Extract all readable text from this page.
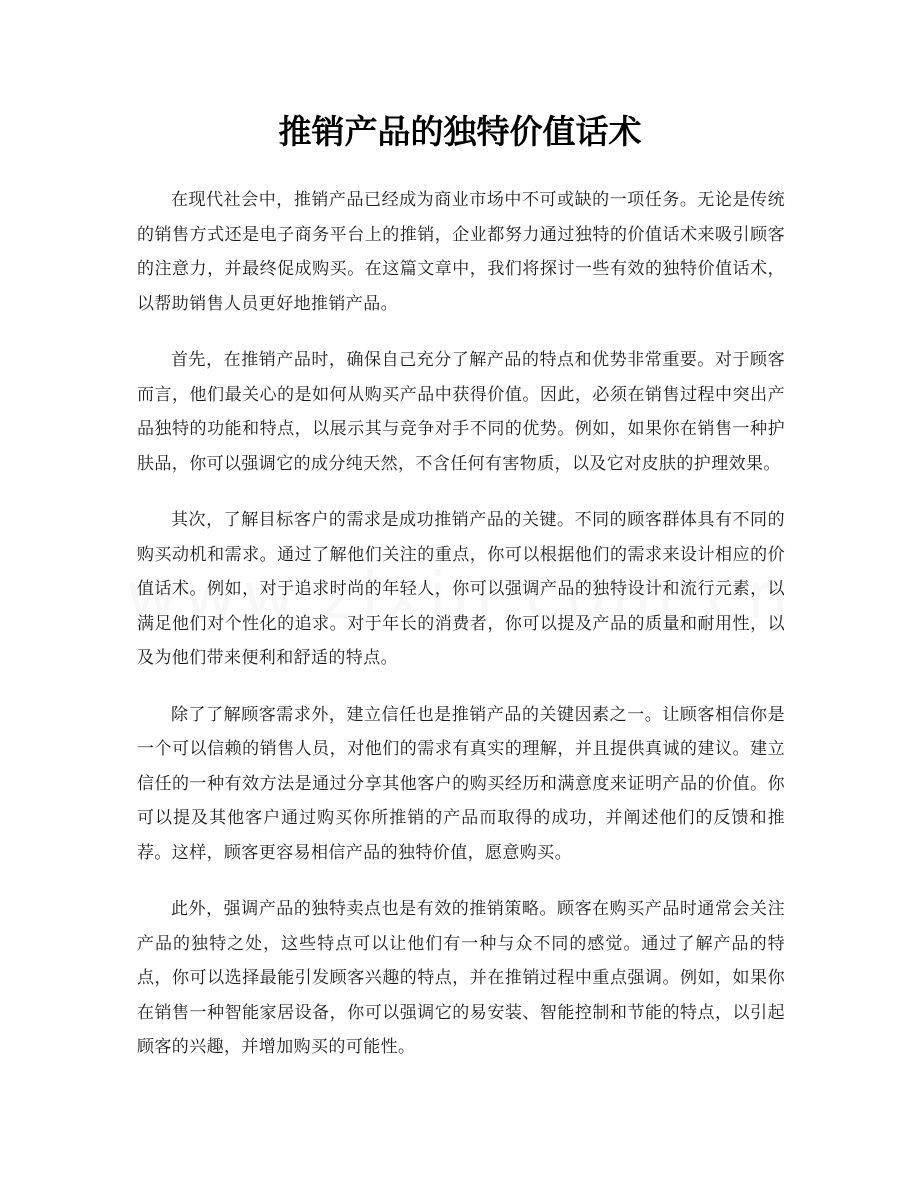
推销产品的独特价值话术

在现代社会中，推销产品已经成为商业市场中不可或缺的一项任务。无论是传统的销售方式还是电子商务平台上的推销，企业都努力通过独特的价值话术来吸引顾客的注意力，并最终促成购买。在这篇文章中，我们将探讨一些有效的独特价值话术，以帮助销售人员更好地推销产品。

首先，在推销产品时，确保自己充分了解产品的特点和优势非常重要。对于顾客而言，他们最关心的是如何从购买产品中获得价值。因此，必须在销售过程中突出产品独特的功能和特点，以展示其与竞争对手不同的优势。例如，如果你在销售一种护肤品，你可以强调它的成分纯天然，不含任何有害物质，以及它对皮肤的护理效果。

其次，了解目标客户的需求是成功推销产品的关键。不同的顾客群体具有不同的购买动机和需求。通过了解他们关注的重点，你可以根据他们的需求来设计相应的价值话术。例如，对于追求时尚的年轻人，你可以强调产品的独特设计和流行元素，以满足他们对个性化的追求。对于年长的消费者，你可以提及产品的质量和耐用性，以及为他们带来便利和舒适的特点。

除了了解顾客需求外，建立信任也是推销产品的关键因素之一。让顾客相信你是一个可以信赖的销售人员，对他们的需求有真实的理解，并且提供真诚的建议。建立信任的一种有效方法是通过分享其他客户的购买经历和满意度来证明产品的价值。你可以提及其他客户通过购买你所推销的产品而取得的成功，并阐述他们的反馈和推荐。这样，顾客更容易相信产品的独特价值，愿意购买。

此外，强调产品的独特卖点也是有效的推销策略。顾客在购买产品时通常会关注产品的独特之处，这些特点可以让他们有一种与众不同的感觉。通过了解产品的特点，你可以选择最能引发顾客兴趣的特点，并在推销过程中重点强调。例如，如果你在销售一种智能家居设备，你可以强调它的易安装、智能控制和节能的特点，以引起顾客的兴趣，并增加购买的可能性。
